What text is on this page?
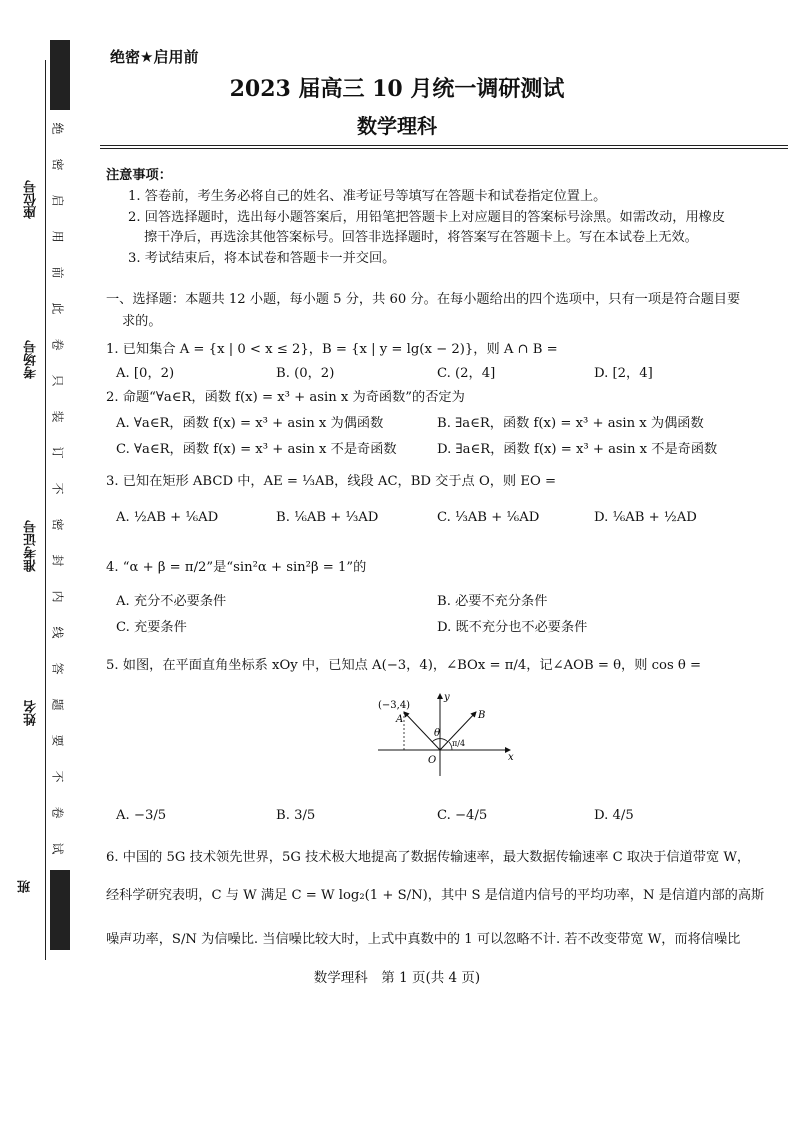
座位号
考场号
准考证号
姓名
班
绝
密
启
用
前
此
卷
只
装
订
不
密
封
内
线
答
题
要
不
卷
试
绝密★启用前
2023 届高三 10 月统一调研测试
数学理科
注意事项：
1. 答卷前，考生务必将自己的姓名、准考证号等填写在答题卡和试卷指定位置上。
2. 回答选择题时，选出每小题答案后，用铅笔把答题卡上对应题目的答案标号涂黑。如需改动，用橡皮
擦干净后，再选涂其他答案标号。回答非选择题时，将答案写在答题卡上。写在本试卷上无效。
3. 考试结束后，将本试卷和答题卡一并交回。
一、选择题：本题共 12 小题，每小题 5 分，共 60 分。在每小题给出的四个选项中，只有一项是符合题目要
求的。
1. 已知集合 A = {x | 0 < x ≤ 2}，B = {x | y = lg(x − 2)}，则 A ∩ B =
A. [0，2)	B. (0，2)	C. (2，4]	D. [2，4]
2. 命题“∀a∈R，函数 f(x) = x³ + asin x 为奇函数”的否定为
A. ∀a∈R，函数 f(x) = x³ + asin x 为偶函数	B. ∃a∈R，函数 f(x) = x³ + asin x 为偶函数
C. ∀a∈R，函数 f(x) = x³ + asin x 不是奇函数	D. ∃a∈R，函数 f(x) = x³ + asin x 不是奇函数
3. 已知在矩形 ABCD 中，AE = ⅓AB，线段 AC，BD 交于点 O，则 EO =
A. ½AB + ⅙AD	B. ⅙AB + ⅓AD	C. ⅓AB + ⅙AD	D. ⅙AB + ½AD
4. “α + β = π/2”是“sin²α + sin²β = 1”的
A. 充分不必要条件	B. 必要不充分条件
C. 充要条件	D. 既不充分也不必要条件
5. 如图，在平面直角坐标系 xOy 中，已知点 A(−3，4)，∠BOx = π/4，记∠AOB = θ，则 cos θ =
(−3,4)
A	B
O	x
y
θ
π/4
A. −3/5	B. 3/5	C. −4/5	D. 4/5
6. 中国的 5G 技术领先世界，5G 技术极大地提高了数据传输速率，最大数据传输速率 C 取决于信道带宽 W，
经科学研究表明，C 与 W 满足 C = W log₂(1 + S/N)，其中 S 是信道内信号的平均功率，N 是信道内部的高斯
噪声功率，S/N 为信噪比. 当信噪比较大时，上式中真数中的 1 可以忽略不计. 若不改变带宽 W，而将信噪比
数学理科　第 1 页(共 4 页)
